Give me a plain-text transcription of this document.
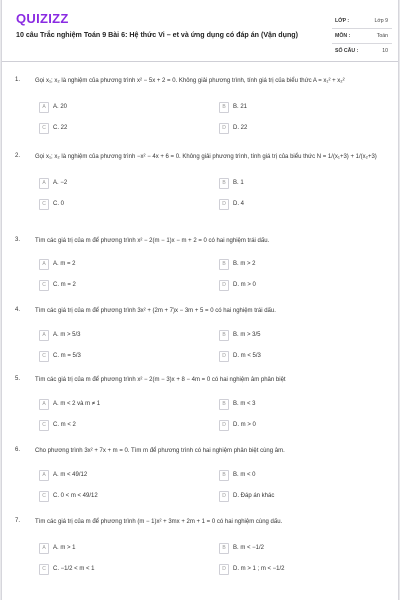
QUIZIZZ
10 câu Trắc nghiệm Toán 9 Bài 6: Hệ thức Vi – et và ứng dụng có đáp án (Vận dụng)
LỚP :	Lớp 9
MÔN :	Toán
SỐ CÂU :	10
1. Gọi x₁; x₂ là nghiệm của phương trình x² − 5x + 2 = 0. Không giải phương trình, tính giá trị của biểu thức A = x₁² + x₂²
A	A. 20	B	B. 21
C	C. 22	D	D. 22
2. Gọi x₁; x₂ là nghiệm của phương trình −x² − 4x + 6 = 0. Không giải phương trình, tính giá trị của biểu thức N = 1/(x₁+3) + 1/(x₂+3)
A	A. −2	B	B. 1
C	C. 0	D	D. 4
3. Tìm các giá trị của m để phương trình x² − 2(m − 1)x − m + 2 = 0 có hai nghiệm trái dấu.
A	A. m = 2	B	B. m > 2
C	C. m = 2	D	D. m > 0
4. Tìm các giá trị của m để phương trình 3x² + (2m + 7)x − 3m + 5 = 0 có hai nghiệm trái dấu.
A	A. m > 5/3	B	B. m > 3/5
C	C. m = 5/3	D	D. m < 5/3
5. Tìm các giá trị của m để phương trình x² − 2(m − 3)x + 8 − 4m = 0 có hai nghiệm âm phân biệt
A	A. m < 2 và m ≠ 1	B	B. m < 3
C	C. m < 2	D	D. m > 0
6. Cho phương trình 3x² + 7x + m = 0. Tìm m để phương trình có hai nghiệm phân biệt cùng âm.
A	A. m < 49/12	B	B. m < 0
C	C. 0 < m < 49/12	D	D. Đáp án khác
7. Tìm các giá trị của m để phương trình (m − 1)x² + 3mx + 2m + 1 = 0 có hai nghiệm cùng dấu.
A	A. m > 1	B	B. m < −1/2
C	C. −1/2 < m < 1	D	D. m > 1 ; m < −1/2
